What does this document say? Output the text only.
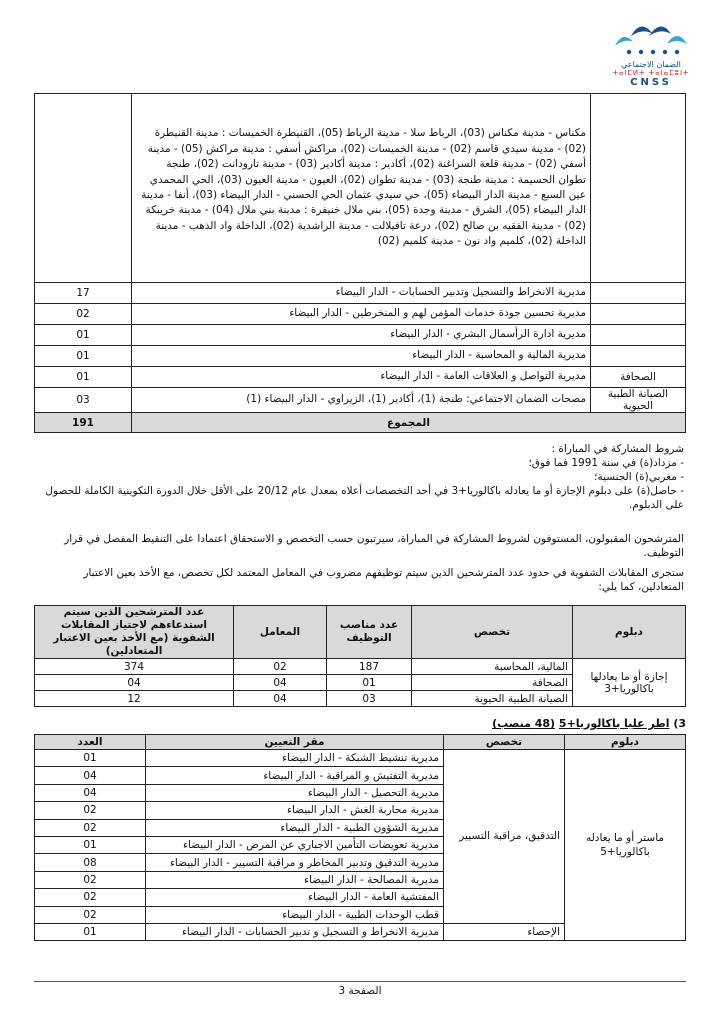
الضمان الاجتماعي
ⵜⴰⵏⵎⵍⵜ ⵜⴰⵏⴰⵎⵓⵏⵜ
CNSS
	مكناس - مدينة مكناس (03)، الرباط سلا - مدينة الرباط (05)، القنيطرة الخميسات : مدينة القنيطرة (02) - مدينة سيدي قاسم (02) - مدينة الخميسات (02)، مراكش أسفي : مدينة مراكش (05) - مدينة أسفي (02) - مدينة قلعة السراغنة (02)، أكادير : مدينة أكادير (03) - مدينة تارودانت (02)، طنجة تطوان الحسيمة : مدينة طنجة (03) - مدينة تطوان (02)، العيون - مدينة العيون (03)، الحي المحمدي عين السبع - مدينة الدار البيضاء (05)، حي سيدي عثمان الحي الحسني - الدار البيضاء (03)، أنفا - مدينة الدار البيضاء (05)، الشرق - مدينة وجدة (05)، بني ملال خنيفرة : مدينة بني ملال (04) - مدينة خريبكة (02) - مدينة الفقيه بن صالح (02)، درعة تافيلالت - مدينة الراشدية (02)، الداخلة واد الذهب - مدينة الداخلة (02)، كلميم واد نون - مدينة كلميم (02)	
	مديرية الانخراط والتسجيل وتدبير الحسابات - الدار البيضاء	17
	مديرية تحسين جودة خدمات المؤمن لهم و المنخرطين - الدار البيضاء	02
	مديرية ادارة الرأسمال البشري - الدار البيضاء	01
	مديرية المالية و المحاسبة - الدار البيضاء	01
الصحافة	مديرية التواصل و العلاقات العامة - الدار البيضاء	01
الصيانة الطبية الحيوية	مصحات الضمان الاجتماعي: طنجة (1)، أكادير (1)، الزيراوي - الدار البيضاء (1)	03
المجموع		191

شروط المشاركة في المباراة :

- مزداد(ة) في سنة 1991 فما فوق؛

- مغربي(ة) الجنسية؛

- حاصل(ة) على دبلوم الإجازة أو ما يعادله باكالوريا+3 في أحد التخصصات أعلاه بمعدل عام 20/12 على الأقل خلال الدورة التكوينية الكاملة للحصول على الدبلوم.

المترشحون المقبولون، المستوفون لشروط المشاركة في المباراة، سيرتبون حسب التخصص و الاستحقاق اعتمادا على التنقيط المفصل في قرار التوظيف.
ستجرى المقابلات الشفوية في حدود عدد المترشحين الذين سيتم توظيفهم مضروب في المعامل المعتمد لكل تخصص، مع الأخذ بعين الاعتبار المتعادلين، كما يلي:
دبلوم	تخصص	عدد مناصب التوظيف	المعامل	عدد المترشحين الذين سيتم استدعاءهم لاجتياز المقابلات الشفوية (مع الأخذ بعين الاعتبار المتعادلين)
إجازة أو ما يعادلها باكالوريا+3	المالية، المحاسبة	187	02	374
	الصحافة	01	04	04
	الصيانة الطبية الحيوية	03	04	12
3) اطر عليا باكالوريا+5 (48 منصب)
دبلوم	تخصص	مقر التعيين	العدد
ماستر أو ما يعادله باكالوريا+5	التدقيق، مراقبة التسيير	مديرية تنشيط الشبكة - الدار البيضاء	01
		مديرية التفتيش و المراقبة - الدار البيضاء	04
		مديرية التحصيل - الدار البيضاء	04
		مديرية محاربة الغش - الدار البيضاء	02
		مديرية الشؤون الطبية - الدار البيضاء	02
		مديرية تعويضات التأمين الاجباري عن المرض - الدار البيضاء	01
		مديرية التدقيق وتدبير المخاطر و مراقبة التسيير - الدار البيضاء	08
		مديرية المصالحة - الدار البيضاء	02
		المفتشية العامة - الدار البيضاء	02
		قطب الوحدات الطبية - الدار البيضاء	02
	الإحصاء	مديرية الانخراط و التسجيل و تدبير الحسابات - الدار البيضاء	01
الصفحة 3
